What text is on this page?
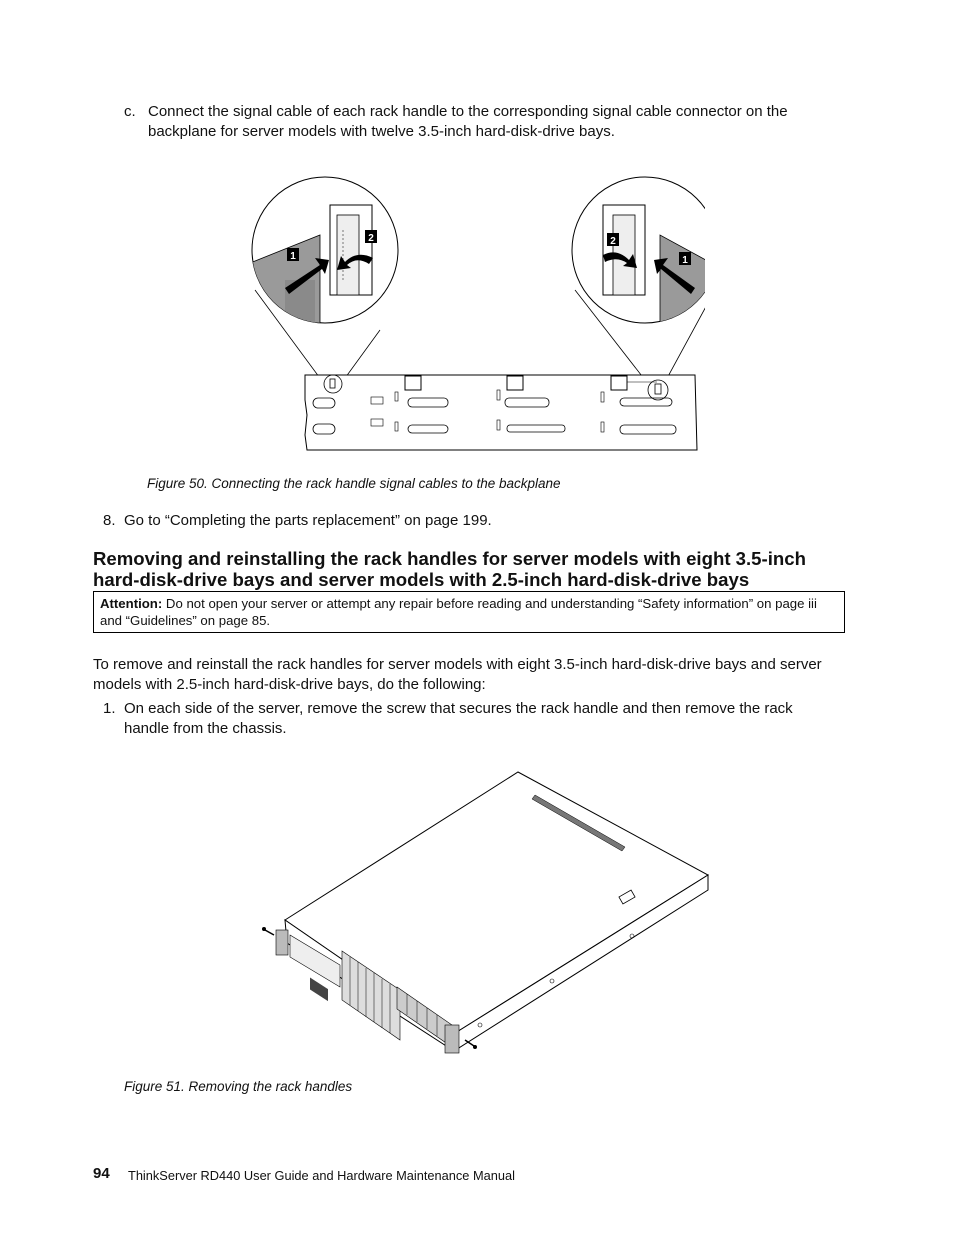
c. Connect the signal cable of each rack handle to the corresponding signal cable connector on the backplane for server models with twelve 3.5-inch hard-disk-drive bays.
2
1
2
1
Figure 50. Connecting the rack handle signal cables to the backplane
8. Go to “Completing the parts replacement” on page 199.
Removing and reinstalling the rack handles for server models with eight 3.5-inch hard-disk-drive bays and server models with 2.5-inch hard-disk-drive bays
Attention: Do not open your server or attempt any repair before reading and understanding “Safety information” on page iii and “Guidelines” on page 85.
To remove and reinstall the rack handles for server models with eight 3.5-inch hard-disk-drive bays and server models with 2.5-inch hard-disk-drive bays, do the following:
1. On each side of the server, remove the screw that secures the rack handle and then remove the rack handle from the chassis.
Figure 51. Removing the rack handles
94 ThinkServer RD440 User Guide and Hardware Maintenance Manual
